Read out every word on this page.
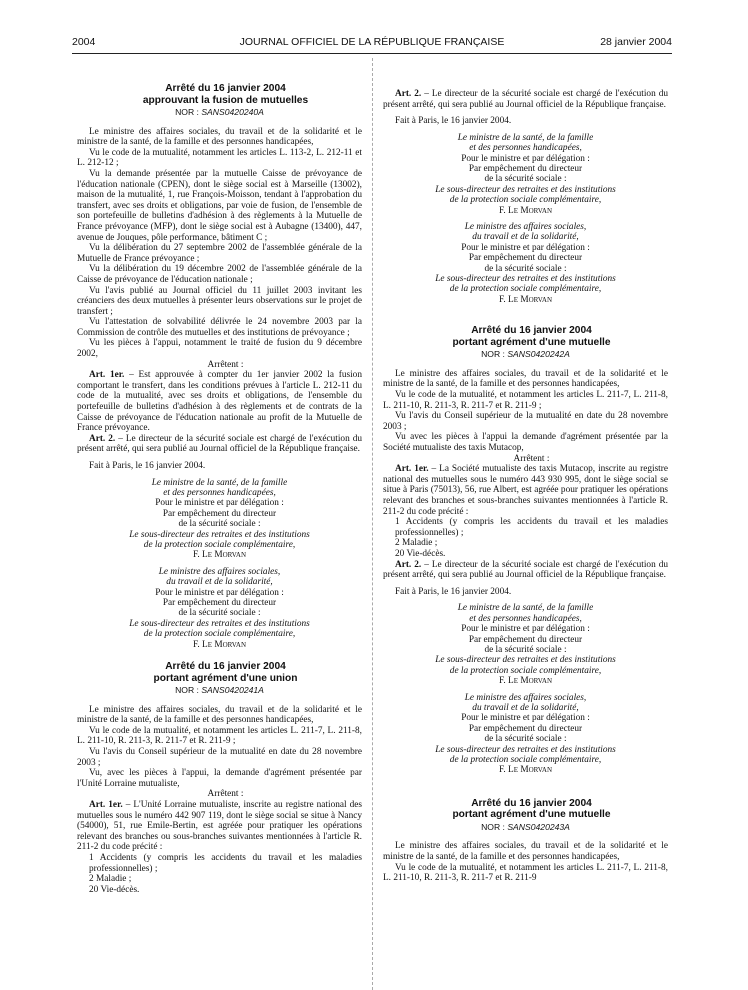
2004	JOURNAL OFFICIEL DE LA RÉPUBLIQUE FRANÇAISE	28 janvier 2004

Arrêté du 16 janvier 2004

approuvant la fusion de mutuelles

NOR : SANS0420240A

Le ministre des affaires sociales, du travail et de la solidarité et le ministre de la santé, de la famille et des personnes handicapées,

Vu le code de la mutualité, notamment les articles L. 113-2, L. 212-11 et L. 212-12 ;

Vu la demande présentée par la mutuelle Caisse de prévoyance de l'éducation nationale (CPEN), dont le siège social est à Marseille (13002), maison de la mutualité, 1, rue François-Moisson, tendant à l'approbation du transfert, avec ses droits et obligations, par voie de fusion, de l'ensemble de son portefeuille de bulletins d'adhésion à des règlements à la Mutuelle de France prévoyance (MFP), dont le siège social est à Aubagne (13400), 447, avenue de Jouques, pôle performance, bâtiment C ;

Vu la délibération du 27 septembre 2002 de l'assemblée générale de la Mutuelle de France prévoyance ;

Vu la délibération du 19 décembre 2002 de l'assemblée générale de la Caisse de prévoyance de l'éducation nationale ;

Vu l'avis publié au Journal officiel du 11 juillet 2003 invitant les créanciers des deux mutuelles à présenter leurs observations sur le projet de transfert ;

Vu l'attestation de solvabilité délivrée le 24 novembre 2003 par la Commission de contrôle des mutuelles et des institutions de prévoyance ;

Vu les pièces à l'appui, notamment le traité de fusion du 9 décembre 2002,

Arrêtent :

Art. 1er. – Est approuvée à compter du 1er janvier 2002 la fusion comportant le transfert, dans les conditions prévues à l'article L. 212-11 du code de la mutualité, avec ses droits et obligations, de l'ensemble du portefeuille de bulletins d'adhésion à des règlements et de contrats de la Caisse de prévoyance de l'éducation nationale au profit de la Mutuelle de France prévoyance.

Art. 2. – Le directeur de la sécurité sociale est chargé de l'exécution du présent arrêté, qui sera publié au Journal officiel de la République française.

Fait à Paris, le 16 janvier 2004.

Le ministre de la santé, de la famille
et des personnes handicapées,
Pour le ministre et par délégation :
Par empêchement du directeur
de la sécurité sociale :
Le sous-directeur des retraites et des institutions
de la protection sociale complémentaire,
F. Le Morvan
Le ministre des affaires sociales,
du travail et de la solidarité,
Pour le ministre et par délégation :
Par empêchement du directeur
de la sécurité sociale :
Le sous-directeur des retraites et des institutions
de la protection sociale complémentaire,
F. Le Morvan

Arrêté du 16 janvier 2004

portant agrément d'une union

NOR : SANS0420241A

Le ministre des affaires sociales, du travail et de la solidarité et le ministre de la santé, de la famille et des personnes handicapées,

Vu le code de la mutualité, et notamment les articles L. 211-7, L. 211-8, L. 211-10, R. 211-3, R. 211-7 et R. 211-9 ;

Vu l'avis du Conseil supérieur de la mutualité en date du 28 novembre 2003 ;

Vu, avec les pièces à l'appui, la demande d'agrément présentée par l'Unité Lorraine mutualiste,

Arrêtent :

Art. 1er. – L'Unité Lorraine mutualiste, inscrite au registre national des mutuelles sous le numéro 442 907 119, dont le siège social se situe à Nancy (54000), 51, rue Emile-Bertin, est agréée pour pratiquer les opérations relevant des branches ou sous-branches suivantes mentionnées à l'article R. 211-2 du code précité :

1 Accidents (y compris les accidents du travail et les maladies professionnelles) ;

2 Maladie ;

20 Vie-décès.

Art. 2. – Le directeur de la sécurité sociale est chargé de l'exécution du présent arrêté, qui sera publié au Journal officiel de la République française.

Fait à Paris, le 16 janvier 2004.

Le ministre de la santé, de la famille
et des personnes handicapées,
Pour le ministre et par délégation :
Par empêchement du directeur
de la sécurité sociale :
Le sous-directeur des retraites et des institutions
de la protection sociale complémentaire,
F. Le Morvan
Le ministre des affaires sociales,
du travail et de la solidarité,
Pour le ministre et par délégation :
Par empêchement du directeur
de la sécurité sociale :
Le sous-directeur des retraites et des institutions
de la protection sociale complémentaire,
F. Le Morvan

Arrêté du 16 janvier 2004

portant agrément d'une mutuelle

NOR : SANS0420242A

Le ministre des affaires sociales, du travail et de la solidarité et le ministre de la santé, de la famille et des personnes handicapées,

Vu le code de la mutualité, et notamment les articles L. 211-7, L. 211-8, L. 211-10, R. 211-3, R. 211-7 et R. 211-9 ;

Vu l'avis du Conseil supérieur de la mutualité en date du 28 novembre 2003 ;

Vu avec les pièces à l'appui la demande d'agrément présentée par la Société mutualiste des taxis Mutacop,

Arrêtent :

Art. 1er. – La Société mutualiste des taxis Mutacop, inscrite au registre national des mutuelles sous le numéro 443 930 995, dont le siège social se situe à Paris (75013), 56, rue Albert, est agréée pour pratiquer les opérations relevant des branches et sous-branches suivantes mentionnées à l'article R. 211-2 du code précité :

1 Accidents (y compris les accidents du travail et les maladies professionnelles) ;

2 Maladie ;

20 Vie-décès.

Art. 2. – Le directeur de la sécurité sociale est chargé de l'exécution du présent arrêté, qui sera publié au Journal officiel de la République française.

Fait à Paris, le 16 janvier 2004.

Le ministre de la santé, de la famille
et des personnes handicapées,
Pour le ministre et par délégation :
Par empêchement du directeur
de la sécurité sociale :
Le sous-directeur des retraites et des institutions
de la protection sociale complémentaire,
F. Le Morvan
Le ministre des affaires sociales,
du travail et de la solidarité,
Pour le ministre et par délégation :
Par empêchement du directeur
de la sécurité sociale :
Le sous-directeur des retraites et des institutions
de la protection sociale complémentaire,
F. Le Morvan

Arrêté du 16 janvier 2004

portant agrément d'une mutuelle

NOR : SANS0420243A

Le ministre des affaires sociales, du travail et de la solidarité et le ministre de la santé, de la famille et des personnes handicapées,

Vu le code de la mutualité, et notamment les articles L. 211-7, L. 211-8, L. 211-10, R. 211-3, R. 211-7 et R. 211-9
